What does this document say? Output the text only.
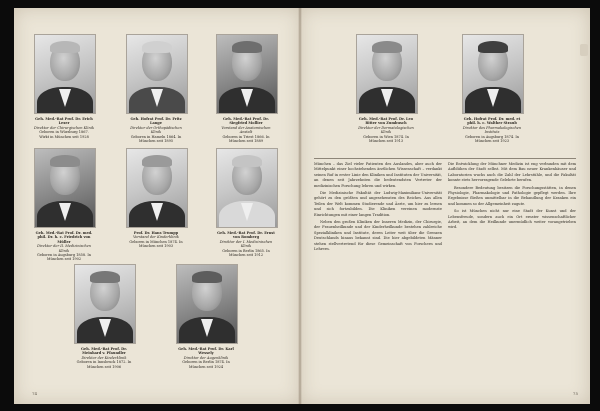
Geh. Med.-Rat Prof. Dr. Erich Lexer
Direktor der Chirurgischen Klinik
Geboren in Würzburg 1867. Wirkt in München seit 1928
Geh. Hofrat Prof. Dr. Fritz Lange
Direktor der Orthopädischen Klinik
Geboren in Hameln 1864. In München seit 1895
Geh. Med.-Rat Prof. Dr. Siegfried Mollier
Vorstand der Anatomischen Anstalt
Geboren in Triest 1866. In München seit 1889
Geh. Med.-Rat Prof. Dr. med. phil. Dr. h. c. Friedrich von Müller
Direktor der II. Medizinischen Klinik
Geboren in Augsburg 1858. In München seit 1902
Prof. Dr. Hans Trumpp
Vorstand der Kinderklinik
Geboren in München 1874. In München seit 1903
Geh. Med.-Rat Prof. Dr. Ernst von Romberg
Direktor der I. Medizinischen Klinik
Geboren in Berlin 1865. In München seit 1912
Geh. Med.-Rat Prof. Dr. Meinhard v. Pfaundler
Direktor der Kinderklinik
Geboren in Innsbruck 1872. In München seit 1906
Geh. Med.-Rat Prof. Dr. Karl Wessely
Direktor der Augenklinik
Geboren in Berlin 1874. In München seit 1924
74
Geh. Med.-Rat Prof. Dr. Leo Ritter von Zumbusch
Direktor der Dermatologischen Klinik
Geboren in Wien 1874. In München seit 1913
Geh. Hofrat Prof. Dr. med. et phil. h. c. Walther Straub
Direktor des Pharmakologischen Instituts
Geboren in Augsburg 1874. In München seit 1923

München – das Ziel vieler Patienten des Auslandes, aber auch der Mittelpunkt einer hochstehenden ärztlichen Wissenschaft – verdankt seinen Ruf in erster Linie den Kliniken und Instituten der Universität, an denen seit Jahrzehnten die bedeutendsten Vertreter der medizinischen Forschung lehren und wirken.

Die Medizinische Fakultät der Ludwig-Maximilians-Universität gehört zu den größten und angesehensten des Reiches. Aus allen Teilen der Welt kommen Studierende und Ärzte, um hier zu lernen und sich fortzubilden. Die Kliniken vereinen modernste Einrichtungen mit einer langen Tradition.

Neben den großen Kliniken der Inneren Medizin, der Chirurgie, der Frauenheilkunde und der Kinderheilkunde bestehen zahlreiche Spezialkliniken und Institute, deren Leiter weit über die Grenzen Deutschlands hinaus bekannt sind. Die hier abgebildeten Männer stehen stellvertretend für diese Gemeinschaft von Forschern und Lehrern.

Die Entwicklung der Münchner Medizin ist eng verbunden mit dem Aufblühen der Stadt selbst. Mit dem Bau neuer Krankenhäuser und Laboratorien wuchs auch die Zahl der Lehrstühle, und die Fakultät konnte stets hervorragende Gelehrte berufen.

Besondere Bedeutung besitzen die Forschungsstätten, in denen Physiologie, Pharmakologie und Pathologie gepflegt werden. Ihre Ergebnisse fließen unmittelbar in die Behandlung der Kranken ein und kommen so der Allgemeinheit zugute.

So ist München nicht nur eine Stadt der Kunst und der Lebensfreude, sondern auch ein Ort ernster wissenschaftlicher Arbeit, an dem die Heilkunde unermüdlich weiter vorangetrieben wird.

75
